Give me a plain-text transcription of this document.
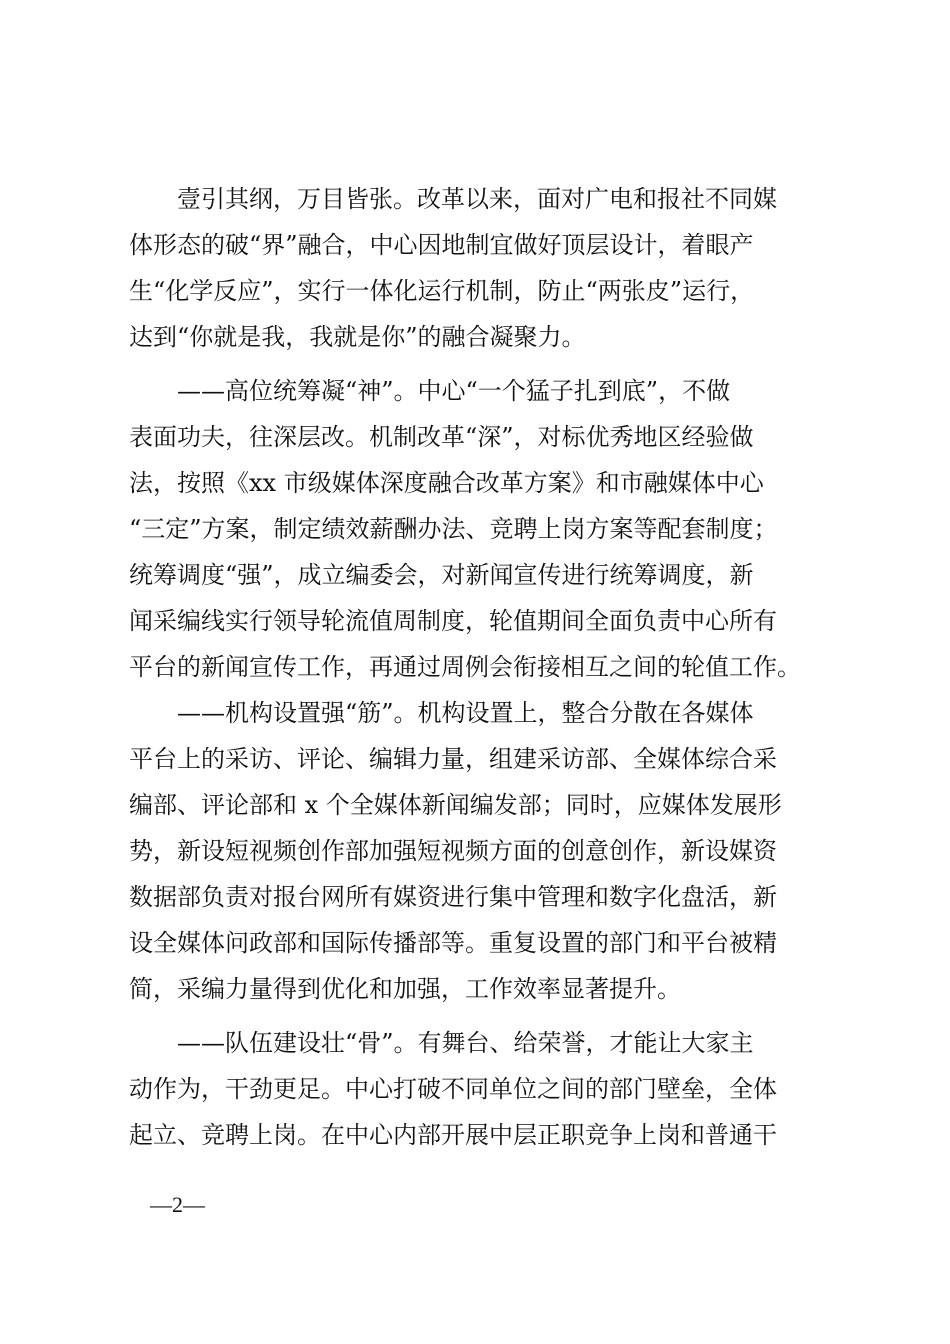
壹引其纲，万目皆张。改革以来，面对广电和报社不同媒
体形态的破“界”融合，中心因地制宜做好顶层设计，着眼产
生“化学反应”，实行一体化运行机制，防止“两张皮”运行，
达到“你就是我，我就是你”的融合凝聚力。
——高位统筹凝“神”。中心“一个猛子扎到底”，不做
表面功夫，往深层改。机制改革“深”，对标优秀地区经验做
法，按照《xx 市级媒体深度融合改革方案》和市融媒体中心
“三定”方案，制定绩效薪酬办法、竞聘上岗方案等配套制度；
统筹调度“强”，成立编委会，对新闻宣传进行统筹调度，新
闻采编线实行领导轮流值周制度，轮值期间全面负责中心所有
平台的新闻宣传工作，再通过周例会衔接相互之间的轮值工作。
——机构设置强“筋”。机构设置上，整合分散在各媒体
平台上的采访、评论、编辑力量，组建采访部、全媒体综合采
编部、评论部和 x 个全媒体新闻编发部；同时，应媒体发展形
势，新设短视频创作部加强短视频方面的创意创作，新设媒资
数据部负责对报台网所有媒资进行集中管理和数字化盘活，新
设全媒体问政部和国际传播部等。重复设置的部门和平台被精
简，采编力量得到优化和加强，工作效率显著提升。
——队伍建设壮“骨”。有舞台、给荣誉，才能让大家主
动作为，干劲更足。中心打破不同单位之间的部门壁垒，全体
起立、竞聘上岗。在中心内部开展中层正职竞争上岗和普通干
—2—
